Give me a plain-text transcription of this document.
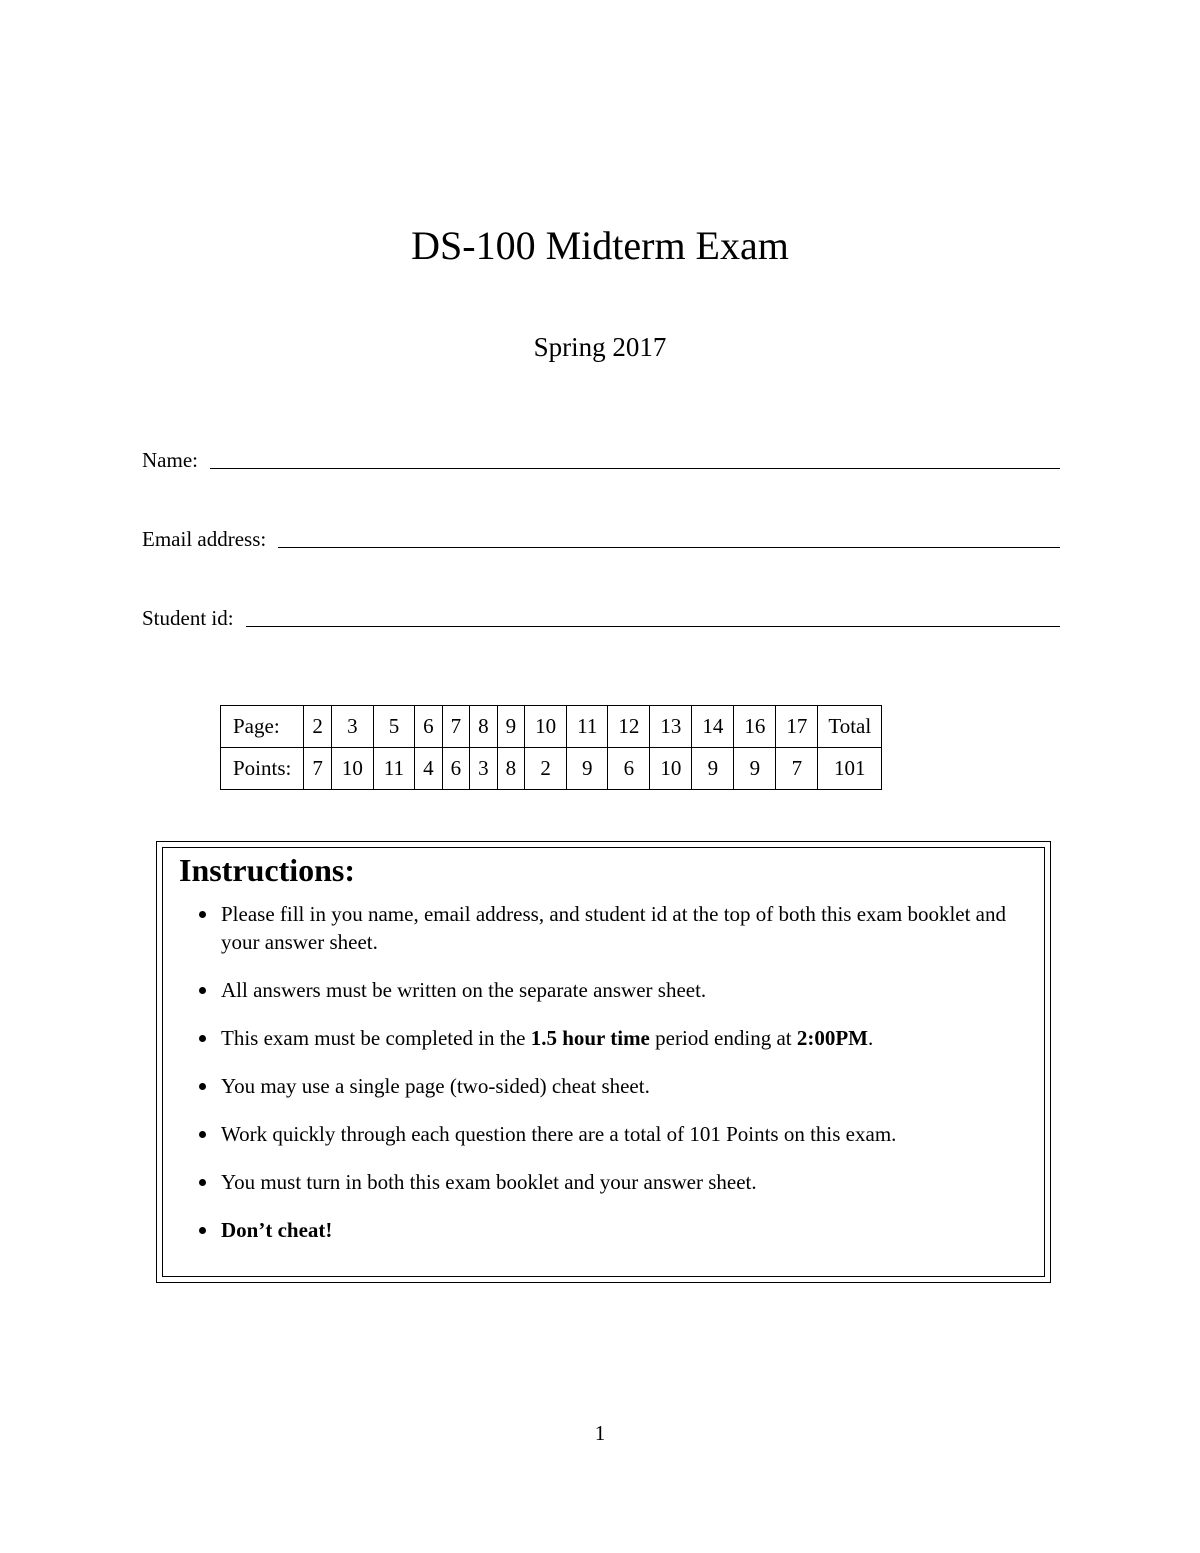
DS-100 Midterm Exam
Spring 2017
Name:
Email address:
Student id:
Page:	2	3	5	6	7	8	9	10	11	12	13	14	16	17	Total
Points:	7	10	11	4	6	3	8	2	9	6	10	9	9	7	101
Instructions:
Please fill in you name, email address, and student id at the top of both this exam booklet and your answer sheet.
All answers must be written on the separate answer sheet.
This exam must be completed in the 1.5 hour time period ending at 2:00PM.
You may use a single page (two-sided) cheat sheet.
Work quickly through each question there are a total of 101 Points on this exam.
You must turn in both this exam booklet and your answer sheet.
Don’t cheat!
1
